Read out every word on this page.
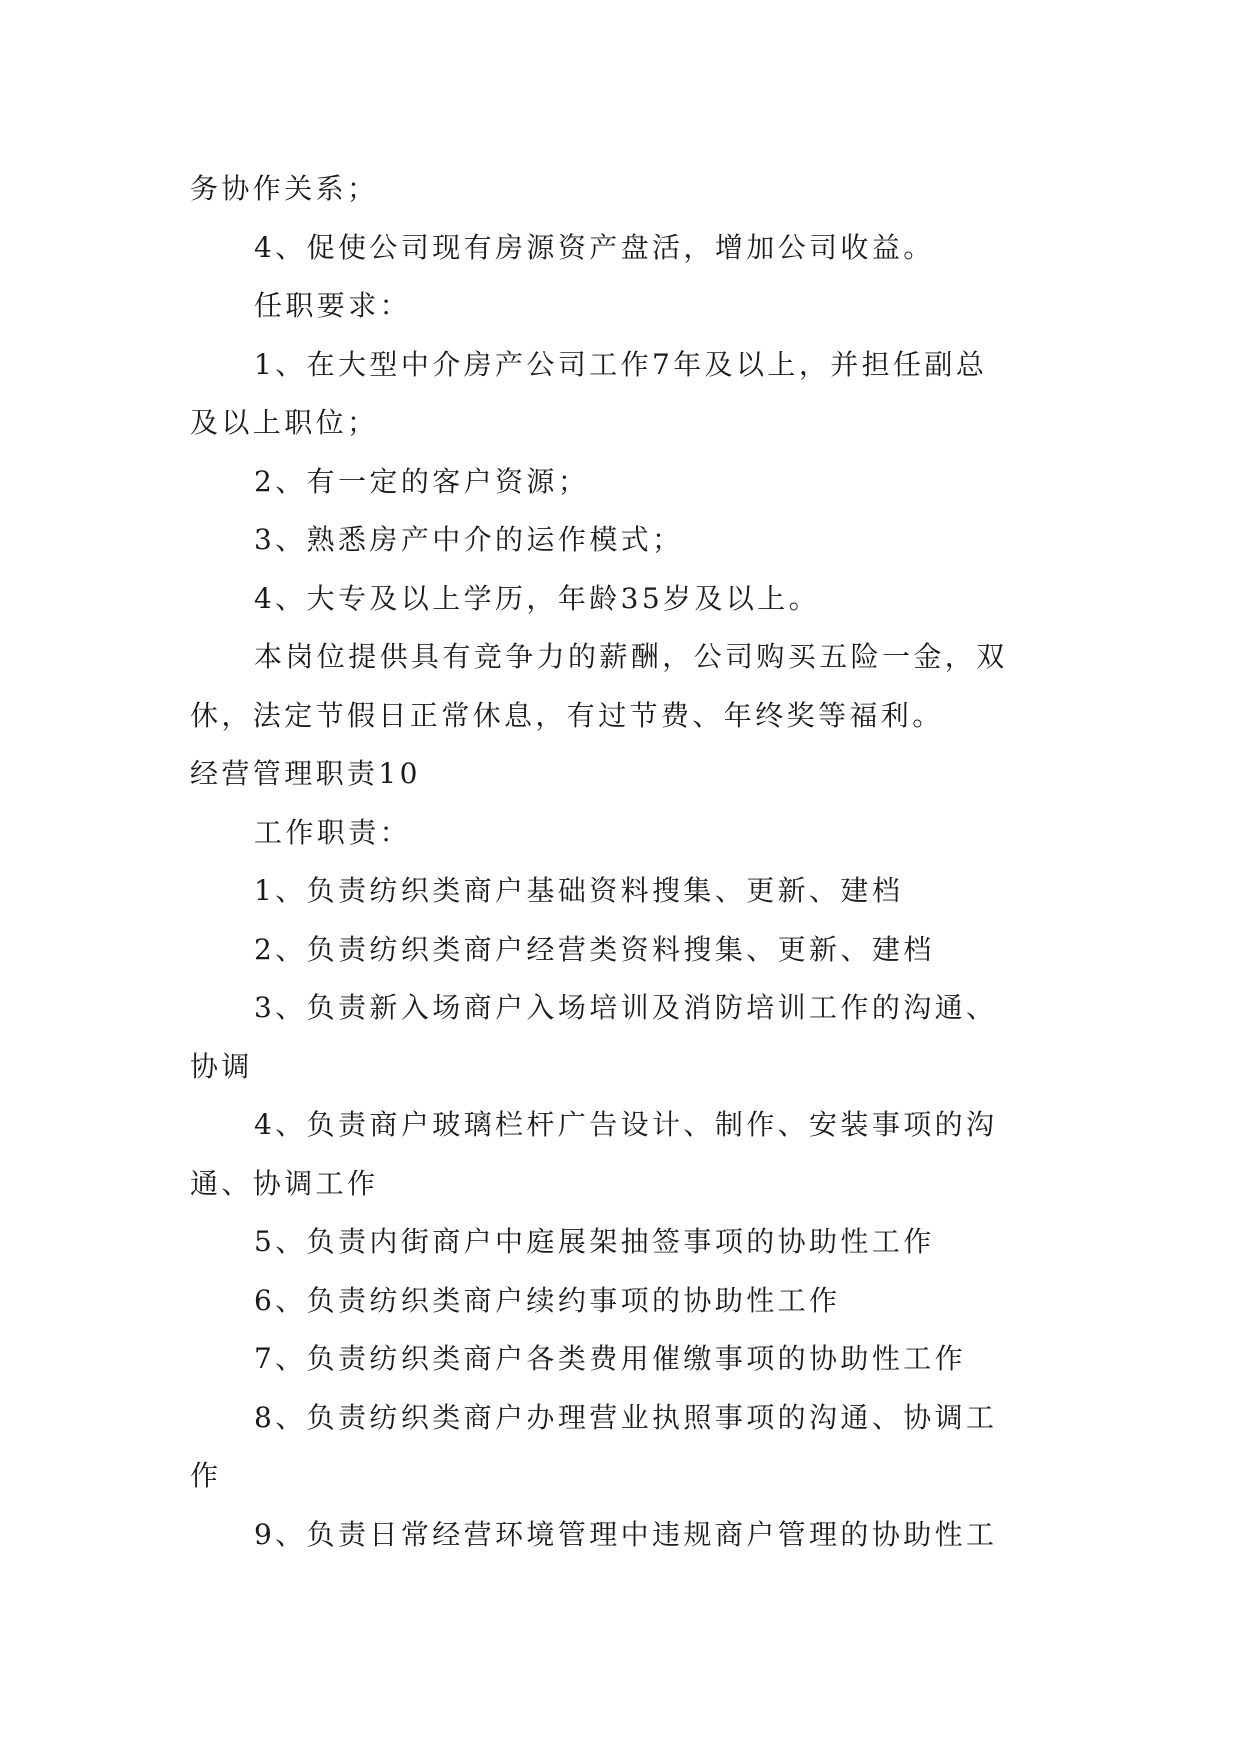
务协作关系；
4、促使公司现有房源资产盘活，增加公司收益。
任职要求：
1、在大型中介房产公司工作7年及以上，并担任副总
及以上职位；
2、有一定的客户资源；
3、熟悉房产中介的运作模式；
4、大专及以上学历，年龄35岁及以上。
本岗位提供具有竞争力的薪酬，公司购买五险一金，双
休，法定节假日正常休息，有过节费、年终奖等福利。
经营管理职责10
工作职责：
1、负责纺织类商户基础资料搜集、更新、建档
2、负责纺织类商户经营类资料搜集、更新、建档
3、负责新入场商户入场培训及消防培训工作的沟通、
协调
4、负责商户玻璃栏杆广告设计、制作、安装事项的沟
通、协调工作
5、负责内街商户中庭展架抽签事项的协助性工作
6、负责纺织类商户续约事项的协助性工作
7、负责纺织类商户各类费用催缴事项的协助性工作
8、负责纺织类商户办理营业执照事项的沟通、协调工
作
9、负责日常经营环境管理中违规商户管理的协助性工
